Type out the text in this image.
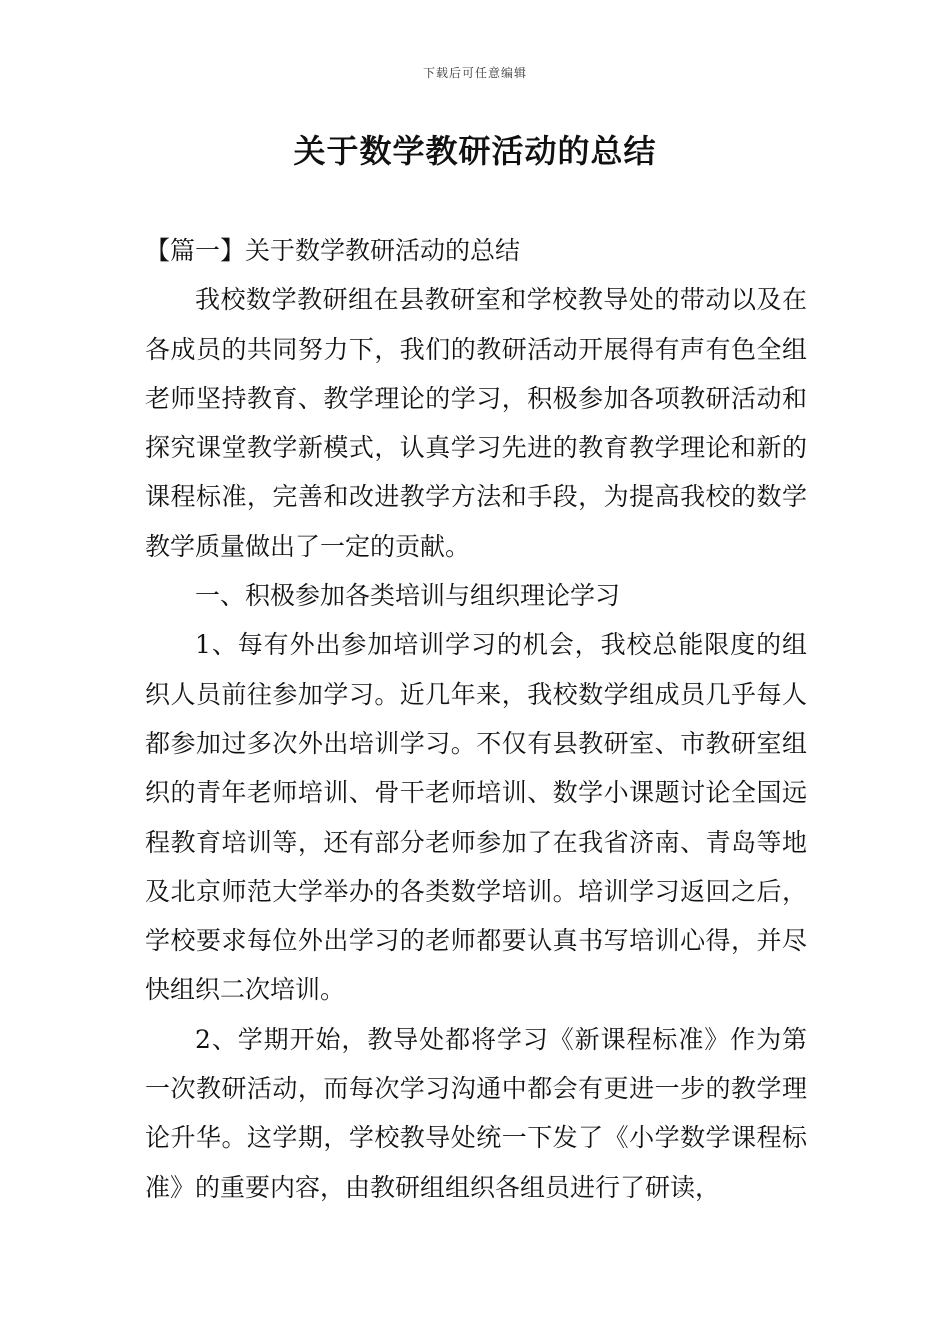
下载后可任意编辑
关于数学教研活动的总结

【篇一】关于数学教研活动的总结

我校数学教研组在县教研室和学校教导处的带动以及在各成员的共同努力下，我们的教研活动开展得有声有色全组老师坚持教育、教学理论的学习，积极参加各项教研活动和探究课堂教学新模式，认真学习先进的教育教学理论和新的课程标准，完善和改进教学方法和手段，为提高我校的数学教学质量做出了一定的贡献。

一、积极参加各类培训与组织理论学习

1、每有外出参加培训学习的机会，我校总能限度的组织人员前往参加学习。近几年来，我校数学组成员几乎每人都参加过多次外出培训学习。不仅有县教研室、市教研室组织的青年老师培训、骨干老师培训、数学小课题讨论全国远程教育培训等，还有部分老师参加了在我省济南、青岛等地及北京师范大学举办的各类数学培训。培训学习返回之后，学校要求每位外出学习的老师都要认真书写培训心得，并尽快组织二次培训。

2、学期开始，教导处都将学习《新课程标准》作为第一次教研活动，而每次学习沟通中都会有更进一步的教学理论升华。这学期，学校教导处统一下发了《小学数学课程标准》的重要内容，由教研组组织各组员进行了研读，
